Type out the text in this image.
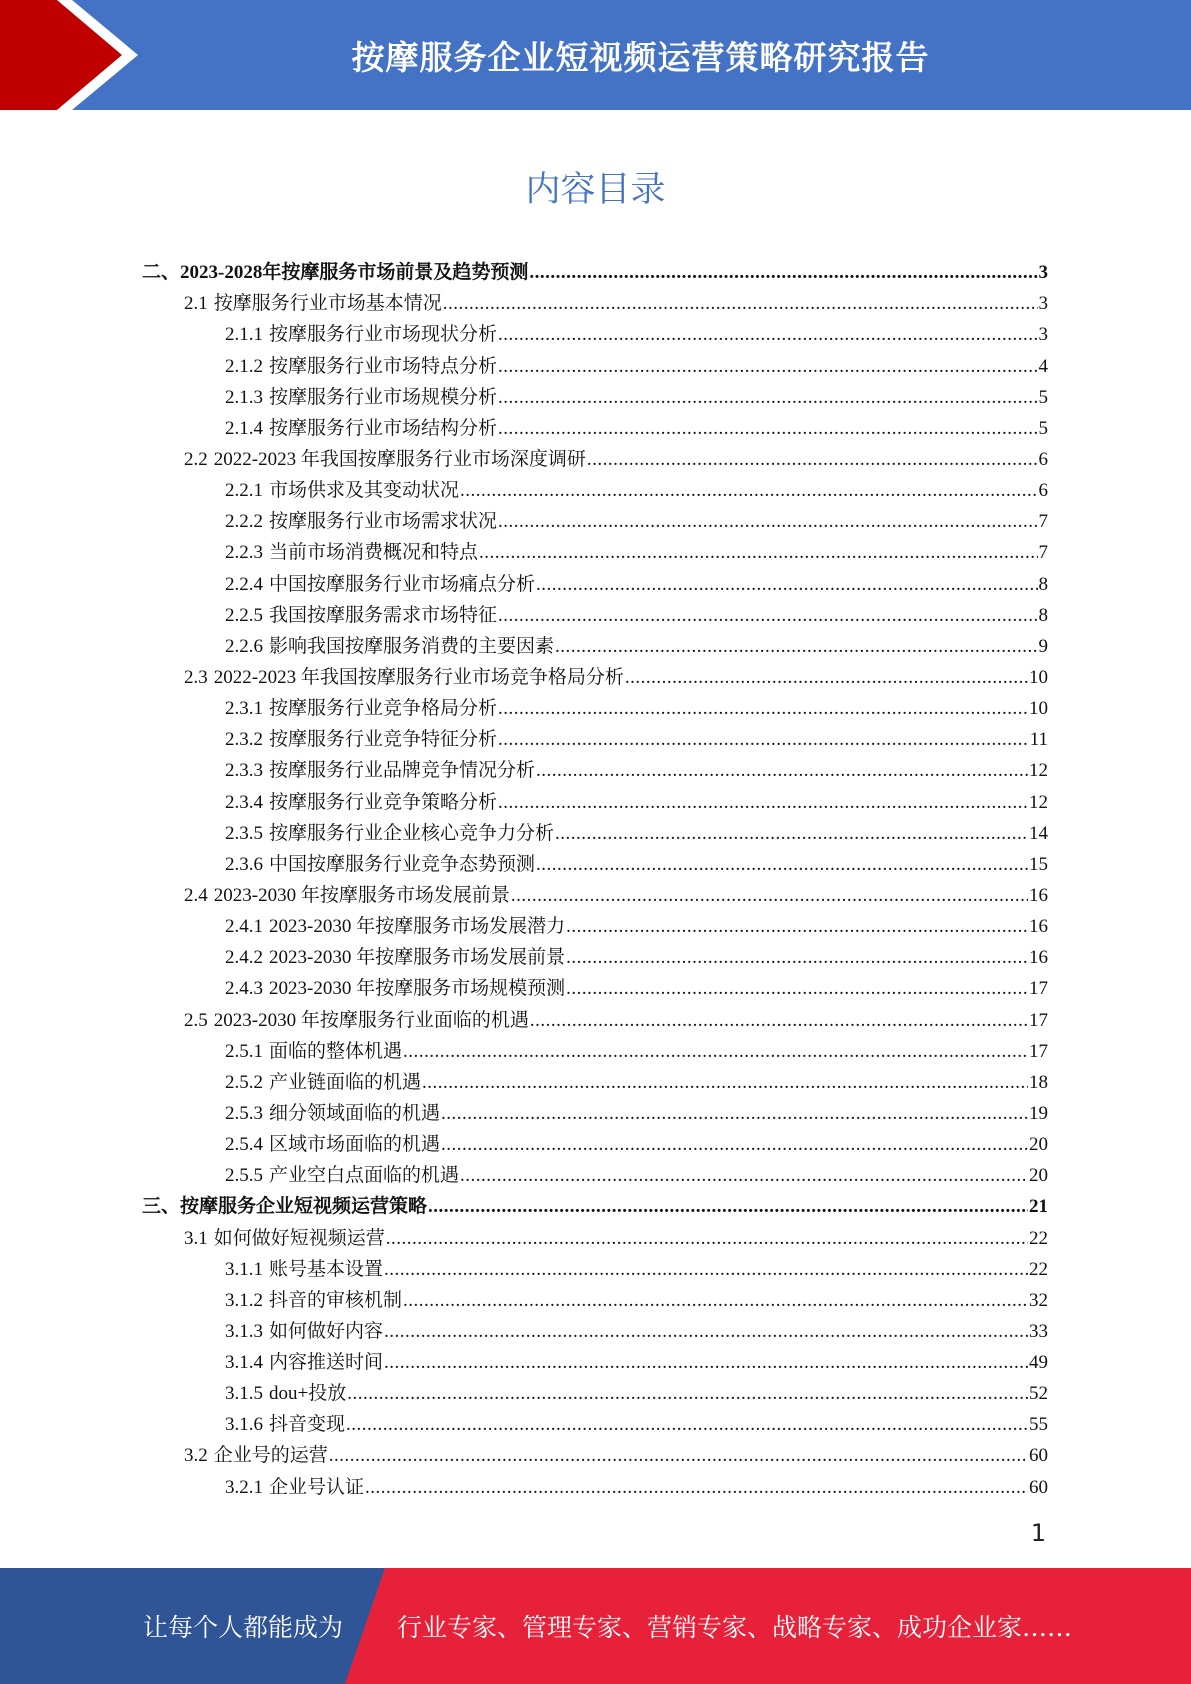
按摩服务企业短视频运营策略研究报告
内容目录
二、2023-2028年按摩服务市场前景及趋势预测 .....	3
2.1 按摩服务行业市场基本情况 .....	3
2.1.1 按摩服务行业市场现状分析 .....	3
2.1.2 按摩服务行业市场特点分析 .....	4
2.1.3 按摩服务行业市场规模分析 .....	5
2.1.4 按摩服务行业市场结构分析 .....	5
2.2 2022-2023 年我国按摩服务行业市场深度调研 .....	6
2.2.1 市场供求及其变动状况 .....	6
2.2.2 按摩服务行业市场需求状况 .....	7
2.2.3 当前市场消费概况和特点 .....	7
2.2.4 中国按摩服务行业市场痛点分析 .....	8
2.2.5 我国按摩服务需求市场特征 .....	8
2.2.6 影响我国按摩服务消费的主要因素 .....	9
2.3 2022-2023 年我国按摩服务行业市场竞争格局分析 .....	10
2.3.1 按摩服务行业竞争格局分析 .....	10
2.3.2 按摩服务行业竞争特征分析 .....	11
2.3.3 按摩服务行业品牌竞争情况分析 .....	12
2.3.4 按摩服务行业竞争策略分析 .....	12
2.3.5 按摩服务行业企业核心竞争力分析 .....	14
2.3.6 中国按摩服务行业竞争态势预测 .....	15
2.4 2023-2030 年按摩服务市场发展前景 .....	16
2.4.1 2023-2030 年按摩服务市场发展潜力 .....	16
2.4.2 2023-2030 年按摩服务市场发展前景 .....	16
2.4.3 2023-2030 年按摩服务市场规模预测 .....	17
2.5 2023-2030 年按摩服务行业面临的机遇 .....	17
2.5.1 面临的整体机遇 .....	17
2.5.2 产业链面临的机遇 .....	18
2.5.3 细分领域面临的机遇 .....	19
2.5.4 区域市场面临的机遇 .....	20
2.5.5 产业空白点面临的机遇 .....	20
三、按摩服务企业短视频运营策略 .....	21
3.1 如何做好短视频运营 .....	22
3.1.1 账号基本设置 .....	22
3.1.2 抖音的审核机制 .....	32
3.1.3 如何做好内容 .....	33
3.1.4 内容推送时间 .....	49
3.1.5 dou+投放 .....	52
3.1.6 抖音变现 .....	55
3.2 企业号的运营 .....	60
3.2.1 企业号认证 .....	60
1
让每个人都能成为 行业专家、管理专家、营销专家、战略专家、成功企业家……
